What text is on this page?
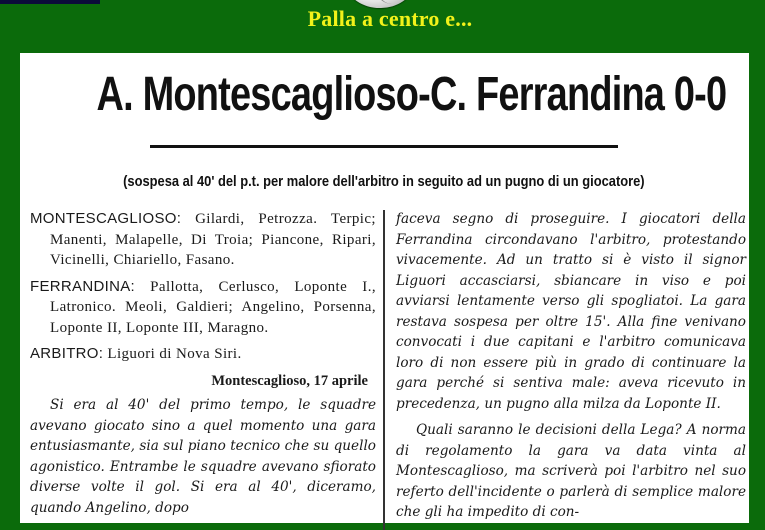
Palla a centro e...
A. Montescaglioso-C. Ferrandina 0-0
(sospesa al 40' del p.t. per malore dell'arbitro in seguito ad un pugno di un giocatore)
MONTESCAGLIOSO: Gilardi, Petrozza. Terpic; Manenti, Malapelle, Di Troia; Piancone, Ripari, Vicinelli, Chiariello, Fasano.
FERRANDINA: Pallotta, Cerlusco, Loponte I., Latronico. Meoli, Galdieri; Angelino, Porsenna, Loponte II, Loponte III, Maragno.
ARBITRO: Liguori di Nova Siri.
Montescaglioso, 17 aprile

Si era al 40' del primo tempo, le squadre avevano giocato sino a quel momento una gara entusiasmante, sia sul piano tecnico che su quello agonistico. Entrambe le squadre avevano sfiorato diverse volte il gol. Si era al 40', diceramo, quando Angelino, dopo

faceva segno di proseguire. I giocatori della Ferrandina circondavano l'arbitro, protestando vivacemente. Ad un tratto si è visto il signor Liguori accasciarsi, sbiancare in viso e poi avviarsi lentamente verso gli spogliatoi. La gara restava sospesa per oltre 15'. Alla fine venivano convocati i due capitani e l'arbitro comunicava loro di non essere più in grado di continuare la gara perché si sentiva male: aveva ricevuto in precedenza, un pugno alla milza da Loponte II.

Quali saranno le decisioni della Lega? A norma di regolamento la gara va data vinta al Montescaglioso, ma scriverà poi l'arbitro nel suo referto dell'incidente o parlerà di semplice malore che gli ha impedito di con-
